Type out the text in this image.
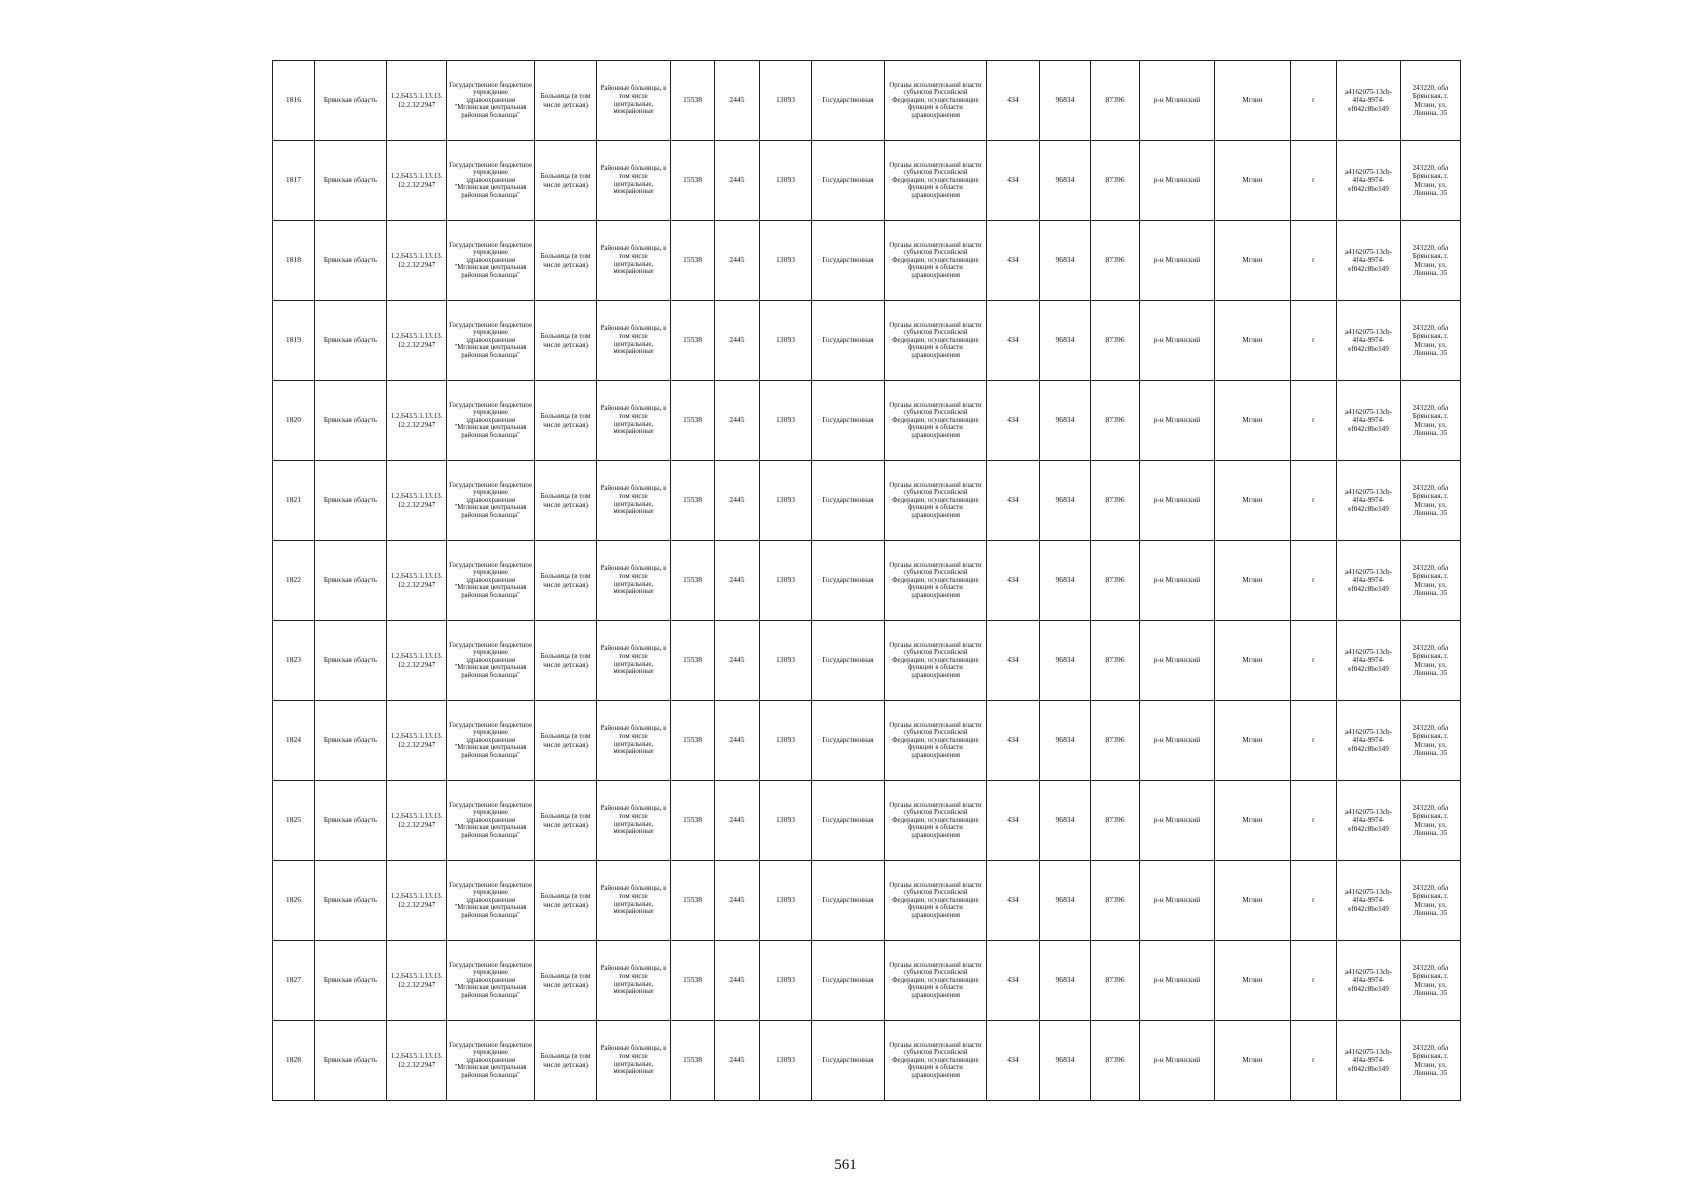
1816	Брянская область	1.2.643.5.1.13.13.12.2.32.2947	Государственное бюджетное учреждение здравоохранения "Мглинская центральная районная больница"	Больница (в том числе детская)	Районные больницы, в том числе центральные, межрайонные	15538	2445	13093	Государственная	Органы исполнительной власти субъектов Российской Федерации, осуществляющие функции в области здравоохранения	434	96834	87396	р-н Мглинский	Мглин	г	a4162075-13cb-4f4a-9974-ef042c8be149	243220, обл Брянская, г. Мглин, ул. Ленина, 35
1817	Брянская область	1.2.643.5.1.13.13.12.2.32.2947	Государственное бюджетное учреждение здравоохранения "Мглинская центральная районная больница"	Больница (в том числе детская)	Районные больницы, в том числе центральные, межрайонные	15538	2445	13093	Государственная	Органы исполнительной власти субъектов Российской Федерации, осуществляющие функции в области здравоохранения	434	96834	87396	р-н Мглинский	Мглин	г	a4162075-13cb-4f4a-9974-ef042c8be149	243220, обл Брянская, г. Мглин, ул. Ленина, 35
1818	Брянская область	1.2.643.5.1.13.13.12.2.32.2947	Государственное бюджетное учреждение здравоохранения "Мглинская центральная районная больница"	Больница (в том числе детская)	Районные больницы, в том числе центральные, межрайонные	15538	2445	13093	Государственная	Органы исполнительной власти субъектов Российской Федерации, осуществляющие функции в области здравоохранения	434	96834	87396	р-н Мглинский	Мглин	г	a4162075-13cb-4f4a-9974-ef042c8be149	243220, обл Брянская, г. Мглин, ул. Ленина, 35
1819	Брянская область	1.2.643.5.1.13.13.12.2.32.2947	Государственное бюджетное учреждение здравоохранения "Мглинская центральная районная больница"	Больница (в том числе детская)	Районные больницы, в том числе центральные, межрайонные	15538	2445	13093	Государственная	Органы исполнительной власти субъектов Российской Федерации, осуществляющие функции в области здравоохранения	434	96834	87396	р-н Мглинский	Мглин	г	a4162075-13cb-4f4a-9974-ef042c8be149	243220, обл Брянская, г. Мглин, ул. Ленина, 35
1820	Брянская область	1.2.643.5.1.13.13.12.2.32.2947	Государственное бюджетное учреждение здравоохранения "Мглинская центральная районная больница"	Больница (в том числе детская)	Районные больницы, в том числе центральные, межрайонные	15538	2445	13093	Государственная	Органы исполнительной власти субъектов Российской Федерации, осуществляющие функции в области здравоохранения	434	96834	87396	р-н Мглинский	Мглин	г	a4162075-13cb-4f4a-9974-ef042c8be149	243220, обл Брянская, г. Мглин, ул. Ленина, 35
1821	Брянская область	1.2.643.5.1.13.13.12.2.32.2947	Государственное бюджетное учреждение здравоохранения "Мглинская центральная районная больница"	Больница (в том числе детская)	Районные больницы, в том числе центральные, межрайонные	15538	2445	13093	Государственная	Органы исполнительной власти субъектов Российской Федерации, осуществляющие функции в области здравоохранения	434	96834	87396	р-н Мглинский	Мглин	г	a4162075-13cb-4f4a-9974-ef042c8be149	243220, обл Брянская, г. Мглин, ул. Ленина, 35
1822	Брянская область	1.2.643.5.1.13.13.12.2.32.2947	Государственное бюджетное учреждение здравоохранения "Мглинская центральная районная больница"	Больница (в том числе детская)	Районные больницы, в том числе центральные, межрайонные	15538	2445	13093	Государственная	Органы исполнительной власти субъектов Российской Федерации, осуществляющие функции в области здравоохранения	434	96834	87396	р-н Мглинский	Мглин	г	a4162075-13cb-4f4a-9974-ef042c8be149	243220, обл Брянская, г. Мглин, ул. Ленина, 35
1823	Брянская область	1.2.643.5.1.13.13.12.2.32.2947	Государственное бюджетное учреждение здравоохранения "Мглинская центральная районная больница"	Больница (в том числе детская)	Районные больницы, в том числе центральные, межрайонные	15538	2445	13093	Государственная	Органы исполнительной власти субъектов Российской Федерации, осуществляющие функции в области здравоохранения	434	96834	87396	р-н Мглинский	Мглин	г	a4162075-13cb-4f4a-9974-ef042c8be149	243220, обл Брянская, г. Мглин, ул. Ленина, 35
1824	Брянская область	1.2.643.5.1.13.13.12.2.32.2947	Государственное бюджетное учреждение здравоохранения "Мглинская центральная районная больница"	Больница (в том числе детская)	Районные больницы, в том числе центральные, межрайонные	15538	2445	13093	Государственная	Органы исполнительной власти субъектов Российской Федерации, осуществляющие функции в области здравоохранения	434	96834	87396	р-н Мглинский	Мглин	г	a4162075-13cb-4f4a-9974-ef042c8be149	243220, обл Брянская, г. Мглин, ул. Ленина, 35
1825	Брянская область	1.2.643.5.1.13.13.12.2.32.2947	Государственное бюджетное учреждение здравоохранения "Мглинская центральная районная больница"	Больница (в том числе детская)	Районные больницы, в том числе центральные, межрайонные	15538	2445	13093	Государственная	Органы исполнительной власти субъектов Российской Федерации, осуществляющие функции в области здравоохранения	434	96834	87396	р-н Мглинский	Мглин	г	a4162075-13cb-4f4a-9974-ef042c8be149	243220, обл Брянская, г. Мглин, ул. Ленина, 35
1826	Брянская область	1.2.643.5.1.13.13.12.2.32.2947	Государственное бюджетное учреждение здравоохранения "Мглинская центральная районная больница"	Больница (в том числе детская)	Районные больницы, в том числе центральные, межрайонные	15538	2445	13093	Государственная	Органы исполнительной власти субъектов Российской Федерации, осуществляющие функции в области здравоохранения	434	96834	87396	р-н Мглинский	Мглин	г	a4162075-13cb-4f4a-9974-ef042c8be149	243220, обл Брянская, г. Мглин, ул. Ленина, 35
1827	Брянская область	1.2.643.5.1.13.13.12.2.32.2947	Государственное бюджетное учреждение здравоохранения "Мглинская центральная районная больница"	Больница (в том числе детская)	Районные больницы, в том числе центральные, межрайонные	15538	2445	13093	Государственная	Органы исполнительной власти субъектов Российской Федерации, осуществляющие функции в области здравоохранения	434	96834	87396	р-н Мглинский	Мглин	г	a4162075-13cb-4f4a-9974-ef042c8be149	243220, обл Брянская, г. Мглин, ул. Ленина, 35
1828	Брянская область	1.2.643.5.1.13.13.12.2.32.2947	Государственное бюджетное учреждение здравоохранения "Мглинская центральная районная больница"	Больница (в том числе детская)	Районные больницы, в том числе центральные, межрайонные	15538	2445	13093	Государственная	Органы исполнительной власти субъектов Российской Федерации, осуществляющие функции в области здравоохранения	434	96834	87396	р-н Мглинский	Мглин	г	a4162075-13cb-4f4a-9974-ef042c8be149	243220, обл Брянская, г. Мглин, ул. Ленина, 35
561
